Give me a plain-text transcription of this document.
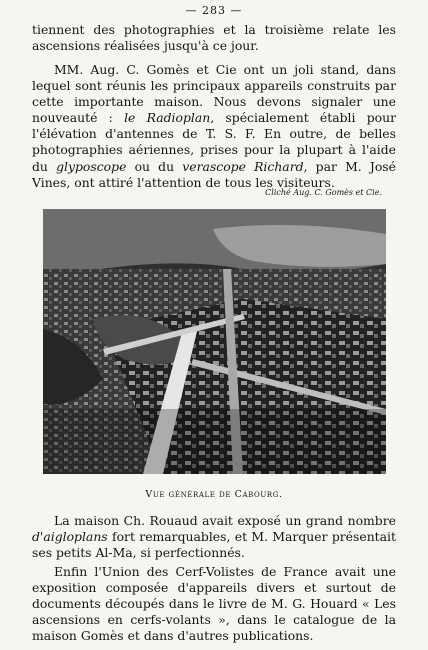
— 283 —

tiennent des photographies et la troisième relate les ascensions réalisées jusqu'à ce jour.

MM. Aug. C. Gomès et Cie ont un joli stand, dans lequel sont réunis les principaux appareils construits par cette importante maison. Nous devons signaler une nouveauté : le Radioplan, spécialement établi pour l'élévation d'antennes de T. S. F. En outre, de belles photographies aériennes, prises pour la plupart à l'aide du glyposcope ou du verascope Richard, par M. José Vines, ont attiré l'attention de tous les visiteurs.

Cliché Aug. C. Gomès et Cie.
Vue générale de Cabourg.

La maison Ch. Rouaud avait exposé un grand nombre d'aigloplans fort remarquables, et M. Marquer présentait ses petits Al-Ma, si perfectionnés.

Enfin l'Union des Cerf-Volistes de France avait une exposition composée d'appareils divers et surtout de documents découpés dans le livre de M. G. Houard « Les ascensions en cerfs-volants », dans le catalogue de la maison Gomès et dans d'autres publications.
